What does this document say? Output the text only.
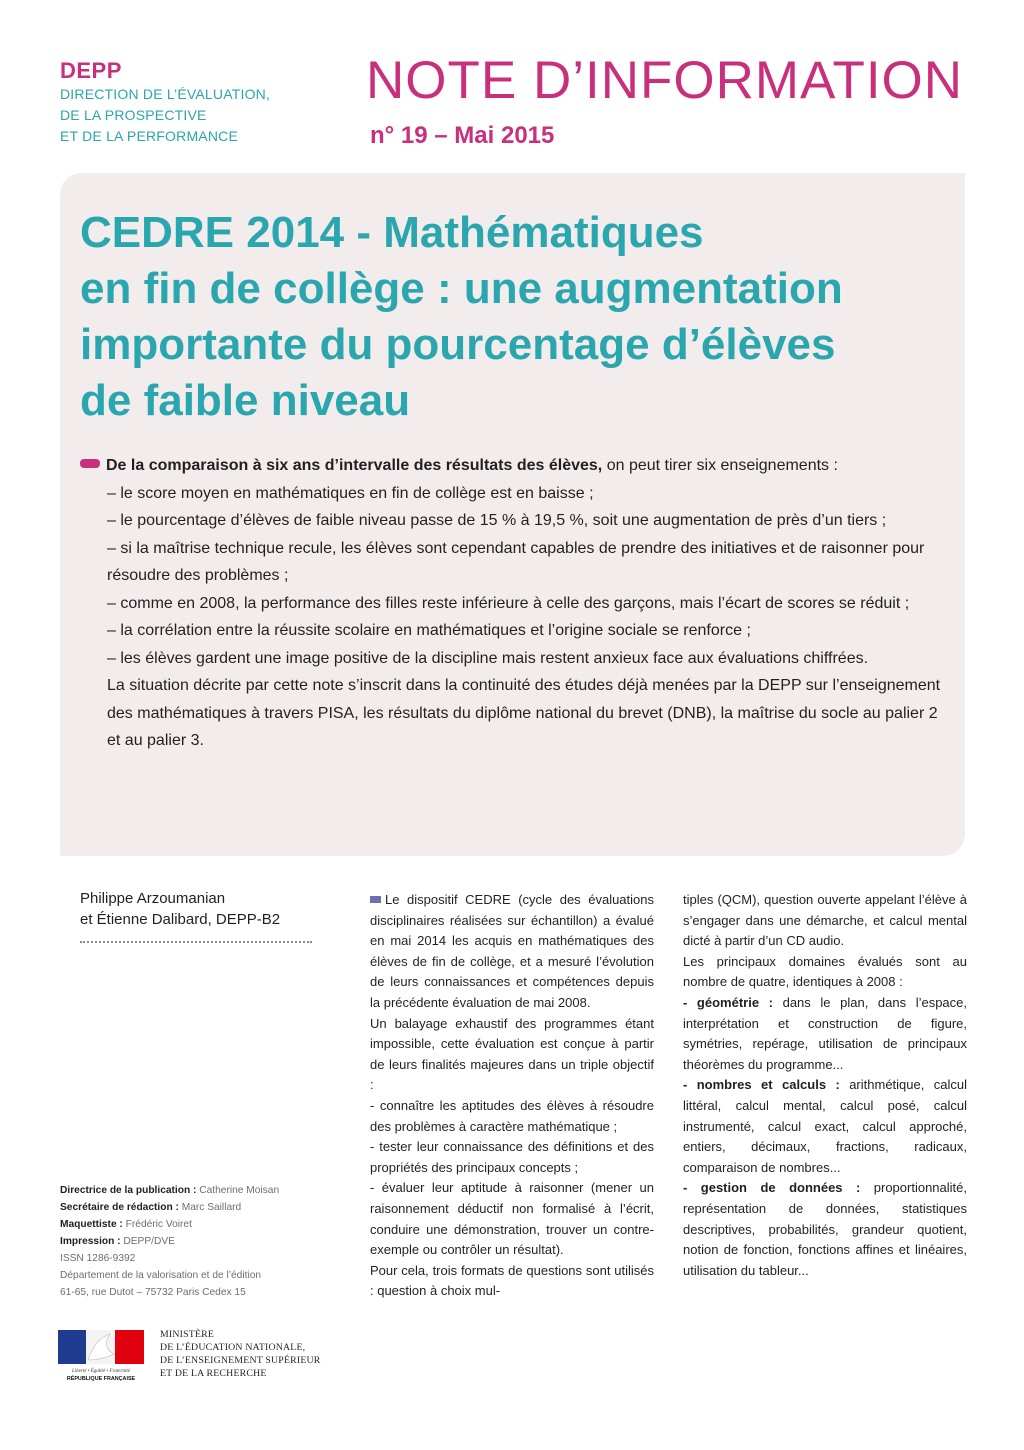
DEPP
DIRECTION DE L’ÉVALUATION,
DE LA PROSPECTIVE
ET DE LA PERFORMANCE
NOTE D’INFORMATION
n° 19 – Mai 2015
CEDRE 2014 - Mathématiques
en fin de collège : une augmentation
importante du pourcentage d’élèves
de faible niveau

De la comparaison à six ans d’intervalle des résultats des élèves, on peut tirer six enseignements :

– le score moyen en mathématiques en fin de collège est en baisse ;

– le pourcentage d’élèves de faible niveau passe de 15 % à 19,5 %, soit une augmentation de près d’un tiers ;

– si la maîtrise technique recule, les élèves sont cependant capables de prendre des initiatives et de raisonner pour résoudre des problèmes ;

– comme en 2008, la performance des filles reste inférieure à celle des garçons, mais l’écart de scores se réduit ;

– la corrélation entre la réussite scolaire en mathématiques et l’origine sociale se renforce ;

– les élèves gardent une image positive de la discipline mais restent anxieux face aux évaluations chiffrées.

La situation décrite par cette note s’inscrit dans la continuité des études déjà menées par la DEPP sur l’enseignement des mathématiques à travers PISA, les résultats du diplôme national du brevet (DNB), la maîtrise du socle au palier 2 et au palier 3.

Philippe Arzoumanian
et Étienne Dalibard, DEPP-B2
Directrice de la publication : Catherine Moisan
Secrétaire de rédaction : Marc Saillard
Maquettiste : Frédéric Voiret
Impression : DEPP/DVE
ISSN 1286-9392
Département de la valorisation et de l’édition
61-65, rue Dutot – 75732 Paris Cedex 15
Liberté • Égalité • Fraternité
RÉPUBLIQUE FRANÇAISE
MINISTÈRE
DE L’ÉDUCATION NATIONALE,
DE L’ENSEIGNEMENT SUPÉRIEUR
ET DE LA RECHERCHE

Le dispositif CEDRE (cycle des évaluations disciplinaires réalisées sur échantillon) a évalué en mai 2014 les acquis en mathématiques des élèves de fin de collège, et a mesuré l’évolution de leurs connaissances et compétences depuis la précédente évaluation de mai 2008.

Un balayage exhaustif des programmes étant impossible, cette évaluation est conçue à partir de leurs finalités majeures dans un triple objectif :

- connaître les aptitudes des élèves à résoudre des problèmes à caractère mathématique ;

- tester leur connaissance des définitions et des propriétés des principaux concepts ;

- évaluer leur aptitude à raisonner (mener un raisonnement déductif non formalisé à l’écrit, conduire une démonstration, trouver un contre-exemple ou contrôler un résultat).

Pour cela, trois formats de questions sont utilisés : question à choix mul-

tiples (QCM), question ouverte appelant l’élève à s’engager dans une démarche, et calcul mental dicté à partir d’un CD audio.

Les principaux domaines évalués sont au nombre de quatre, identiques à 2008 :

- géométrie : dans le plan, dans l’espace, interprétation et construction de figure, symétries, repérage, utilisation de principaux théorèmes du programme...

- nombres et calculs : arithmétique, calcul littéral, calcul mental, calcul posé, calcul instrumenté, calcul exact, calcul approché, entiers, décimaux, fractions, radicaux, comparaison de nombres...

- gestion de données : proportionnalité, représentation de données, statistiques descriptives, probabilités, grandeur quotient, notion de fonction, fonctions affines et linéaires, utilisation du tableur...
